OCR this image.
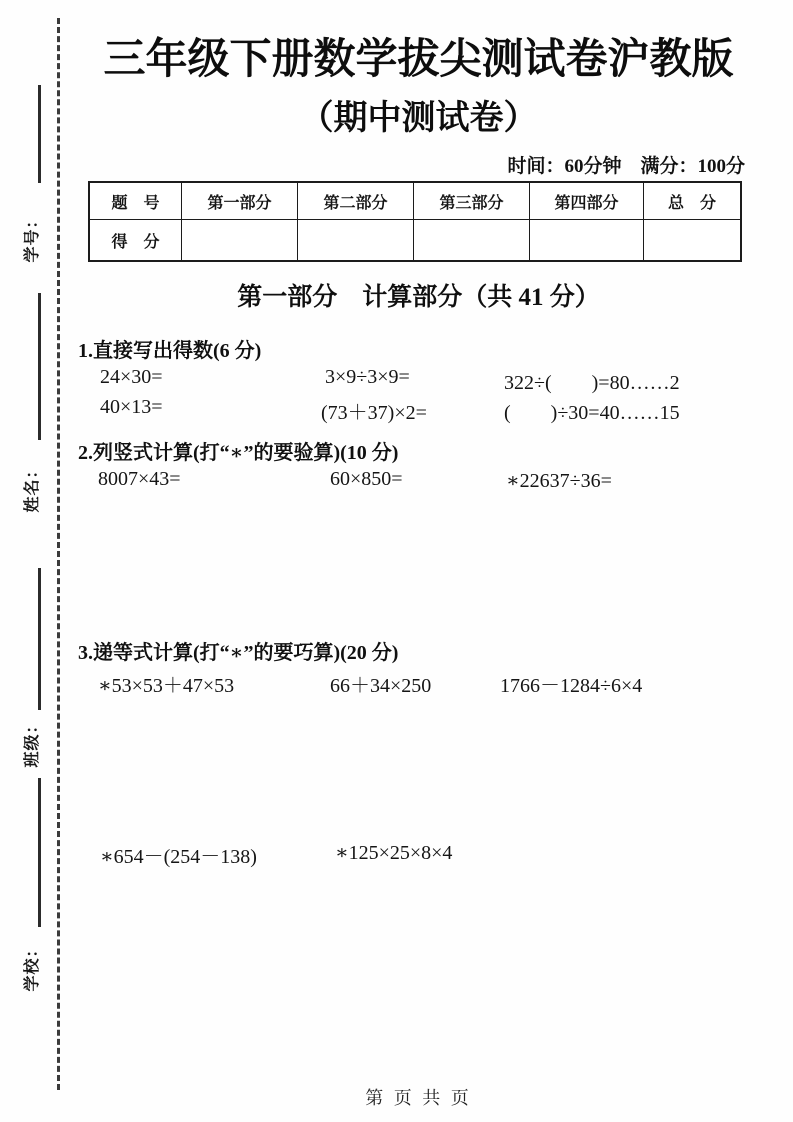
学号：
姓名：
班级：
学校：
三年级下册数学拔尖测试卷沪教版
（期中测试卷）
时间：60分钟　满分：100分
题　号	第一部分	第二部分	第三部分	第四部分	总　分
得　分
第一部分　计算部分（共 41 分）
1.直接写出得数(6 分)
24×30=	3×9÷3×9=	322÷(　　)=80……2
40×13=	(73＋37)×2=	(　　)÷30=40……15
2.列竖式计算(打“∗”的要验算)(10 分)
8007×43=	60×850=	∗22637÷36=
3.递等式计算(打“∗”的要巧算)(20 分)
∗53×53＋47×53	66＋34×250	1766－1284÷6×4
∗654－(254－138)	∗125×25×8×4
第 页 共 页
